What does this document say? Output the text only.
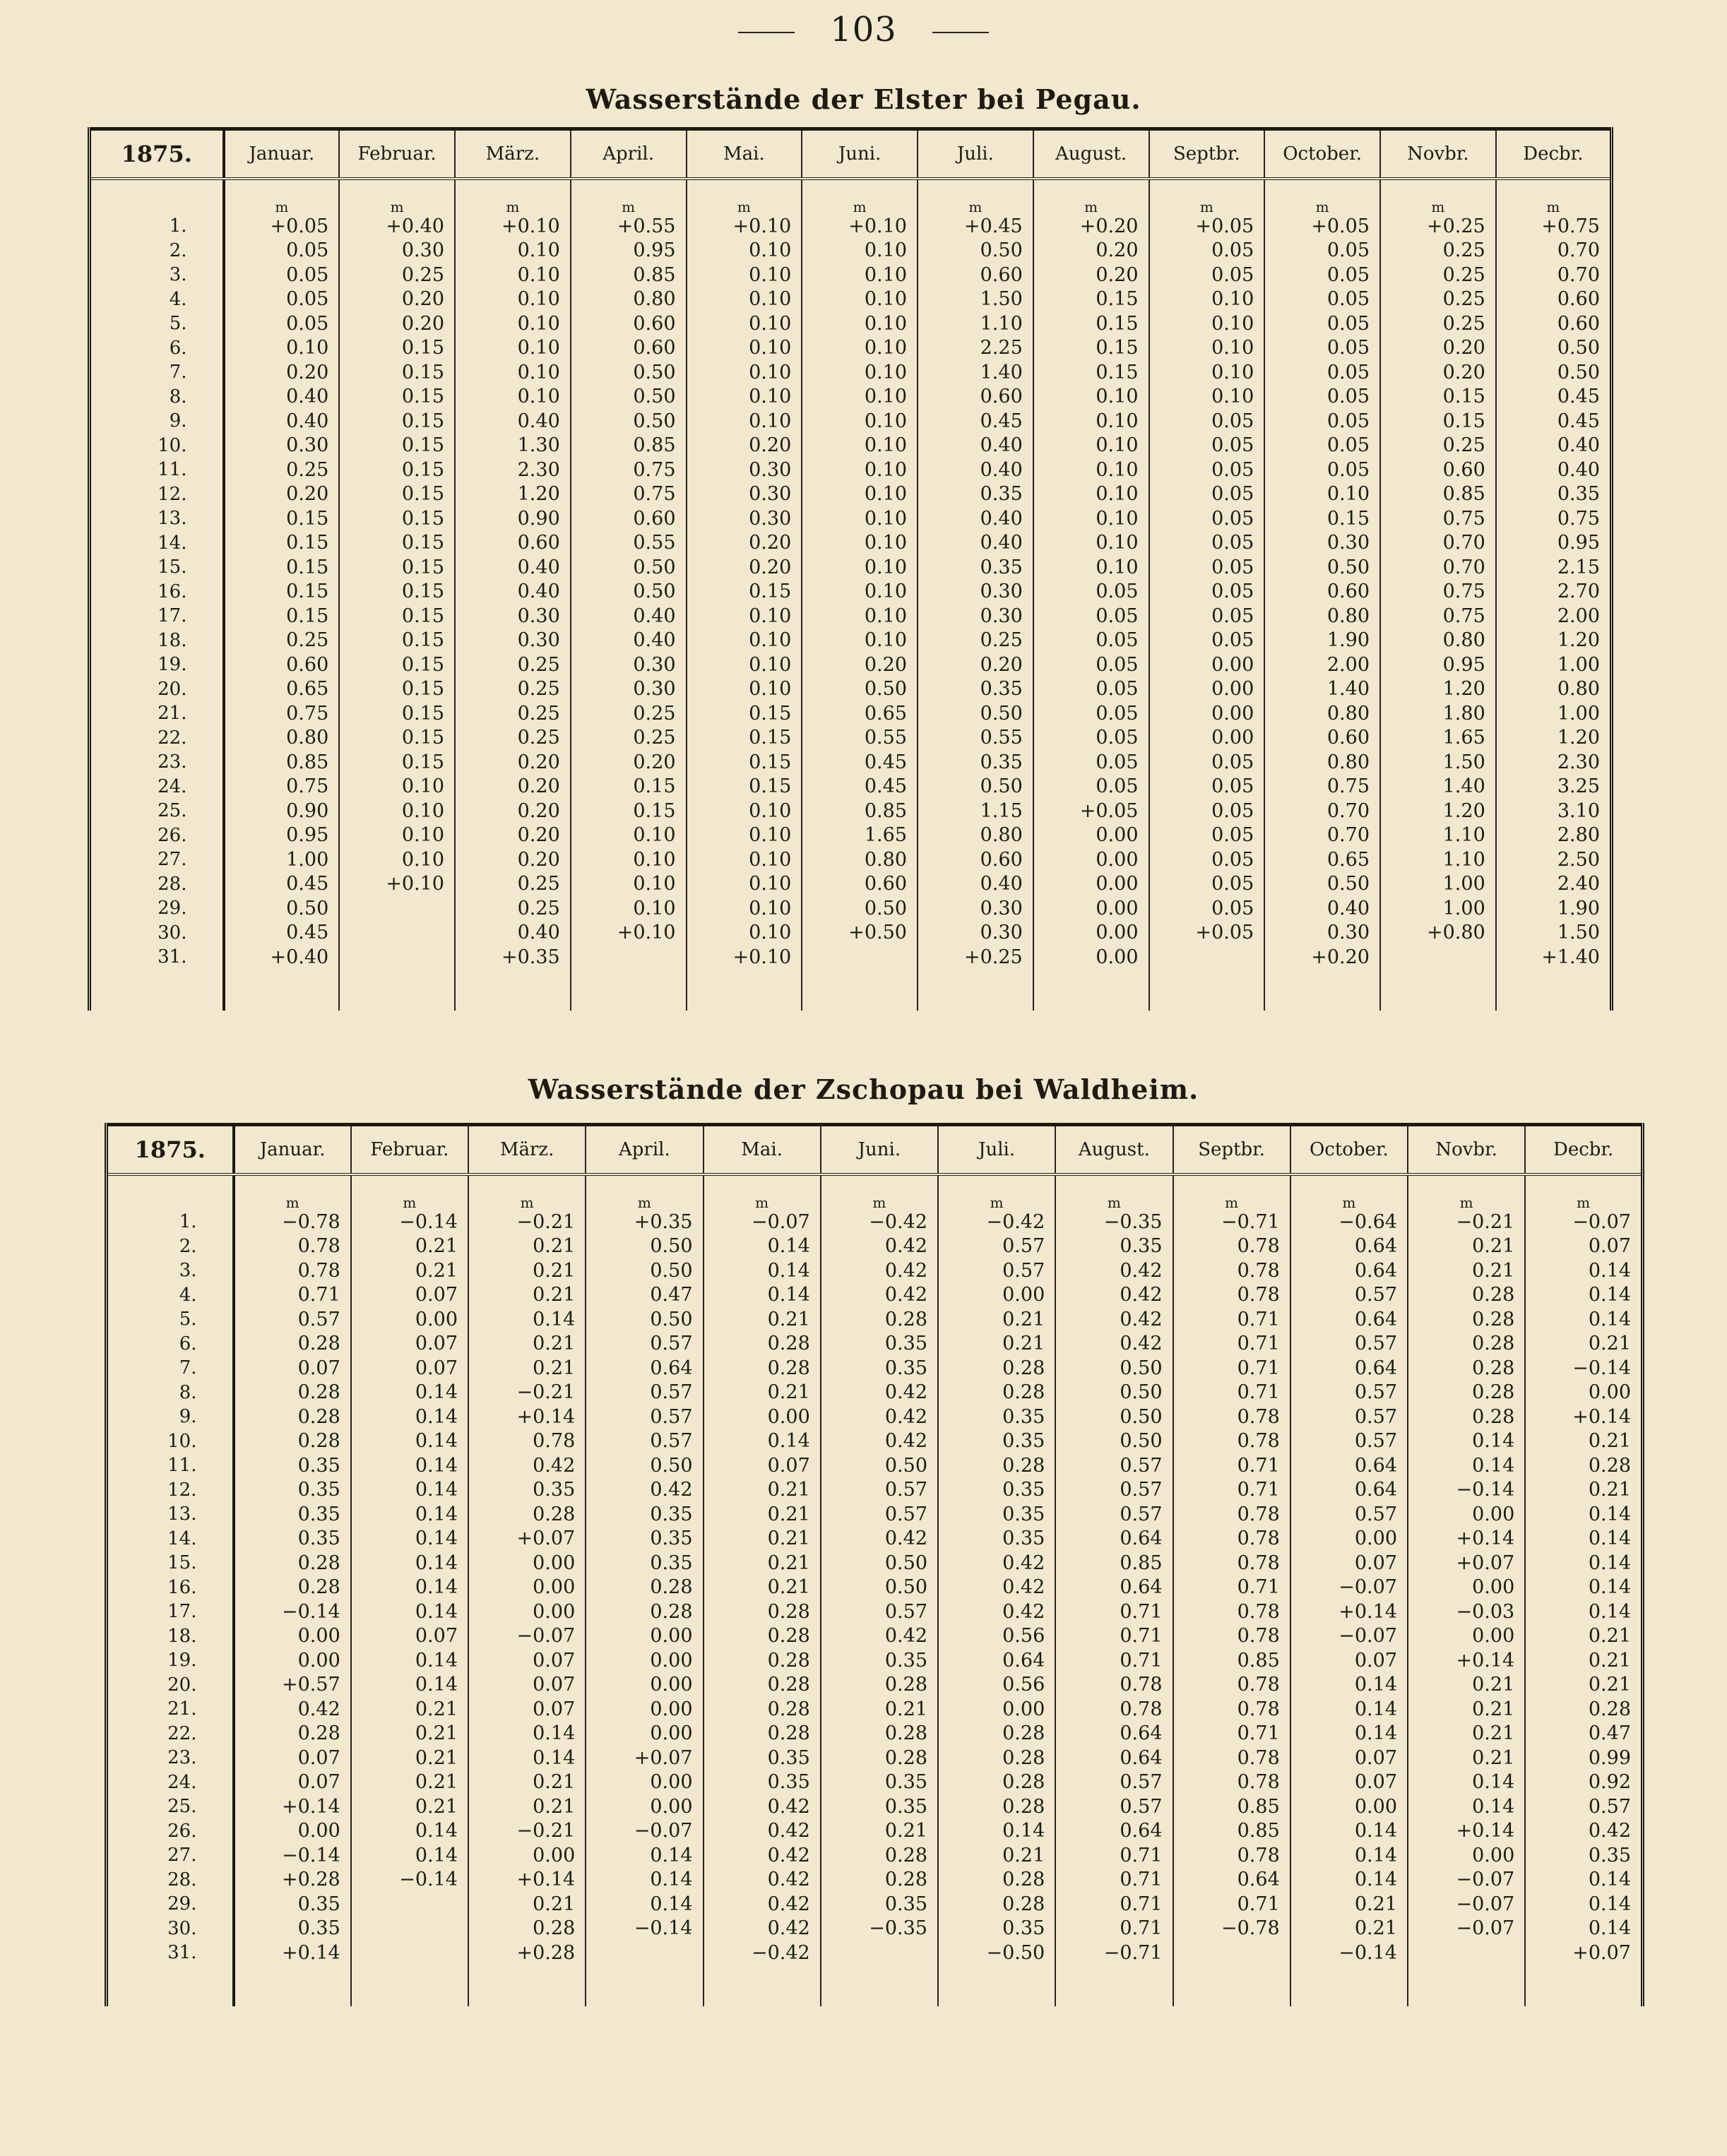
103
Wasserstände der Elster bei Pegau.
1875.	Januar.	Februar.	März.	April.	Mai.	Juni.	Juli.	August.	Septbr.	October.	Novbr.	Decbr.

	m	m	m	m	m	m	m	m	m	m	m	m
1.	+0.05	+0.40	+0.10	+0.55	+0.10	+0.10	+0.45	+0.20	+0.05	+0.05	+0.25	+0.75
2.	0.05	0.30	0.10	0.95	0.10	0.10	0.50	0.20	0.05	0.05	0.25	0.70
3.	0.05	0.25	0.10	0.85	0.10	0.10	0.60	0.20	0.05	0.05	0.25	0.70
4.	0.05	0.20	0.10	0.80	0.10	0.10	1.50	0.15	0.10	0.05	0.25	0.60
5.	0.05	0.20	0.10	0.60	0.10	0.10	1.10	0.15	0.10	0.05	0.25	0.60
6.	0.10	0.15	0.10	0.60	0.10	0.10	2.25	0.15	0.10	0.05	0.20	0.50
7.	0.20	0.15	0.10	0.50	0.10	0.10	1.40	0.15	0.10	0.05	0.20	0.50
8.	0.40	0.15	0.10	0.50	0.10	0.10	0.60	0.10	0.10	0.05	0.15	0.45
9.	0.40	0.15	0.40	0.50	0.10	0.10	0.45	0.10	0.05	0.05	0.15	0.45
10.	0.30	0.15	1.30	0.85	0.20	0.10	0.40	0.10	0.05	0.05	0.25	0.40
11.	0.25	0.15	2.30	0.75	0.30	0.10	0.40	0.10	0.05	0.05	0.60	0.40
12.	0.20	0.15	1.20	0.75	0.30	0.10	0.35	0.10	0.05	0.10	0.85	0.35
13.	0.15	0.15	0.90	0.60	0.30	0.10	0.40	0.10	0.05	0.15	0.75	0.75
14.	0.15	0.15	0.60	0.55	0.20	0.10	0.40	0.10	0.05	0.30	0.70	0.95
15.	0.15	0.15	0.40	0.50	0.20	0.10	0.35	0.10	0.05	0.50	0.70	2.15
16.	0.15	0.15	0.40	0.50	0.15	0.10	0.30	0.05	0.05	0.60	0.75	2.70
17.	0.15	0.15	0.30	0.40	0.10	0.10	0.30	0.05	0.05	0.80	0.75	2.00
18.	0.25	0.15	0.30	0.40	0.10	0.10	0.25	0.05	0.05	1.90	0.80	1.20
19.	0.60	0.15	0.25	0.30	0.10	0.20	0.20	0.05	0.00	2.00	0.95	1.00
20.	0.65	0.15	0.25	0.30	0.10	0.50	0.35	0.05	0.00	1.40	1.20	0.80
21.	0.75	0.15	0.25	0.25	0.15	0.65	0.50	0.05	0.00	0.80	1.80	1.00
22.	0.80	0.15	0.25	0.25	0.15	0.55	0.55	0.05	0.00	0.60	1.65	1.20
23.	0.85	0.15	0.20	0.20	0.15	0.45	0.35	0.05	0.05	0.80	1.50	2.30
24.	0.75	0.10	0.20	0.15	0.15	0.45	0.50	0.05	0.05	0.75	1.40	3.25
25.	0.90	0.10	0.20	0.15	0.10	0.85	1.15	+0.05	0.05	0.70	1.20	3.10
26.	0.95	0.10	0.20	0.10	0.10	1.65	0.80	0.00	0.05	0.70	1.10	2.80
27.	1.00	0.10	0.20	0.10	0.10	0.80	0.60	0.00	0.05	0.65	1.10	2.50
28.	0.45	+0.10	0.25	0.10	0.10	0.60	0.40	0.00	0.05	0.50	1.00	2.40
29.	0.50		0.25	0.10	0.10	0.50	0.30	0.00	0.05	0.40	1.00	1.90
30.	0.45		0.40	+0.10	0.10	+0.50	0.30	0.00	+0.05	0.30	+0.80	1.50
31.	+0.40		+0.35		+0.10		+0.25	0.00		+0.20		+1.40

Wasserstände der Zschopau bei Waldheim.
1875.	Januar.	Februar.	März.	April.	Mai.	Juni.	Juli.	August.	Septbr.	October.	Novbr.	Decbr.

	m	m	m	m	m	m	m	m	m	m	m	m
1.	−0.78	−0.14	−0.21	+0.35	−0.07	−0.42	−0.42	−0.35	−0.71	−0.64	−0.21	−0.07
2.	0.78	0.21	0.21	0.50	0.14	0.42	0.57	0.35	0.78	0.64	0.21	0.07
3.	0.78	0.21	0.21	0.50	0.14	0.42	0.57	0.42	0.78	0.64	0.21	0.14
4.	0.71	0.07	0.21	0.47	0.14	0.42	0.00	0.42	0.78	0.57	0.28	0.14
5.	0.57	0.00	0.14	0.50	0.21	0.28	0.21	0.42	0.71	0.64	0.28	0.14
6.	0.28	0.07	0.21	0.57	0.28	0.35	0.21	0.42	0.71	0.57	0.28	0.21
7.	0.07	0.07	0.21	0.64	0.28	0.35	0.28	0.50	0.71	0.64	0.28	−0.14
8.	0.28	0.14	−0.21	0.57	0.21	0.42	0.28	0.50	0.71	0.57	0.28	0.00
9.	0.28	0.14	+0.14	0.57	0.00	0.42	0.35	0.50	0.78	0.57	0.28	+0.14
10.	0.28	0.14	0.78	0.57	0.14	0.42	0.35	0.50	0.78	0.57	0.14	0.21
11.	0.35	0.14	0.42	0.50	0.07	0.50	0.28	0.57	0.71	0.64	0.14	0.28
12.	0.35	0.14	0.35	0.42	0.21	0.57	0.35	0.57	0.71	0.64	−0.14	0.21
13.	0.35	0.14	0.28	0.35	0.21	0.57	0.35	0.57	0.78	0.57	0.00	0.14
14.	0.35	0.14	+0.07	0.35	0.21	0.42	0.35	0.64	0.78	0.00	+0.14	0.14
15.	0.28	0.14	0.00	0.35	0.21	0.50	0.42	0.85	0.78	0.07	+0.07	0.14
16.	0.28	0.14	0.00	0.28	0.21	0.50	0.42	0.64	0.71	−0.07	0.00	0.14
17.	−0.14	0.14	0.00	0.28	0.28	0.57	0.42	0.71	0.78	+0.14	−0.03	0.14
18.	0.00	0.07	−0.07	0.00	0.28	0.42	0.56	0.71	0.78	−0.07	0.00	0.21
19.	0.00	0.14	0.07	0.00	0.28	0.35	0.64	0.71	0.85	0.07	+0.14	0.21
20.	+0.57	0.14	0.07	0.00	0.28	0.28	0.56	0.78	0.78	0.14	0.21	0.21
21.	0.42	0.21	0.07	0.00	0.28	0.21	0.00	0.78	0.78	0.14	0.21	0.28
22.	0.28	0.21	0.14	0.00	0.28	0.28	0.28	0.64	0.71	0.14	0.21	0.47
23.	0.07	0.21	0.14	+0.07	0.35	0.28	0.28	0.64	0.78	0.07	0.21	0.99
24.	0.07	0.21	0.21	0.00	0.35	0.35	0.28	0.57	0.78	0.07	0.14	0.92
25.	+0.14	0.21	0.21	0.00	0.42	0.35	0.28	0.57	0.85	0.00	0.14	0.57
26.	0.00	0.14	−0.21	−0.07	0.42	0.21	0.14	0.64	0.85	0.14	+0.14	0.42
27.	−0.14	0.14	0.00	0.14	0.42	0.28	0.21	0.71	0.78	0.14	0.00	0.35
28.	+0.28	−0.14	+0.14	0.14	0.42	0.28	0.28	0.71	0.64	0.14	−0.07	0.14
29.	0.35		0.21	0.14	0.42	0.35	0.28	0.71	0.71	0.21	−0.07	0.14
30.	0.35		0.28	−0.14	0.42	−0.35	0.35	0.71	−0.78	0.21	−0.07	0.14
31.	+0.14		+0.28		−0.42		−0.50	−0.71		−0.14		+0.07
